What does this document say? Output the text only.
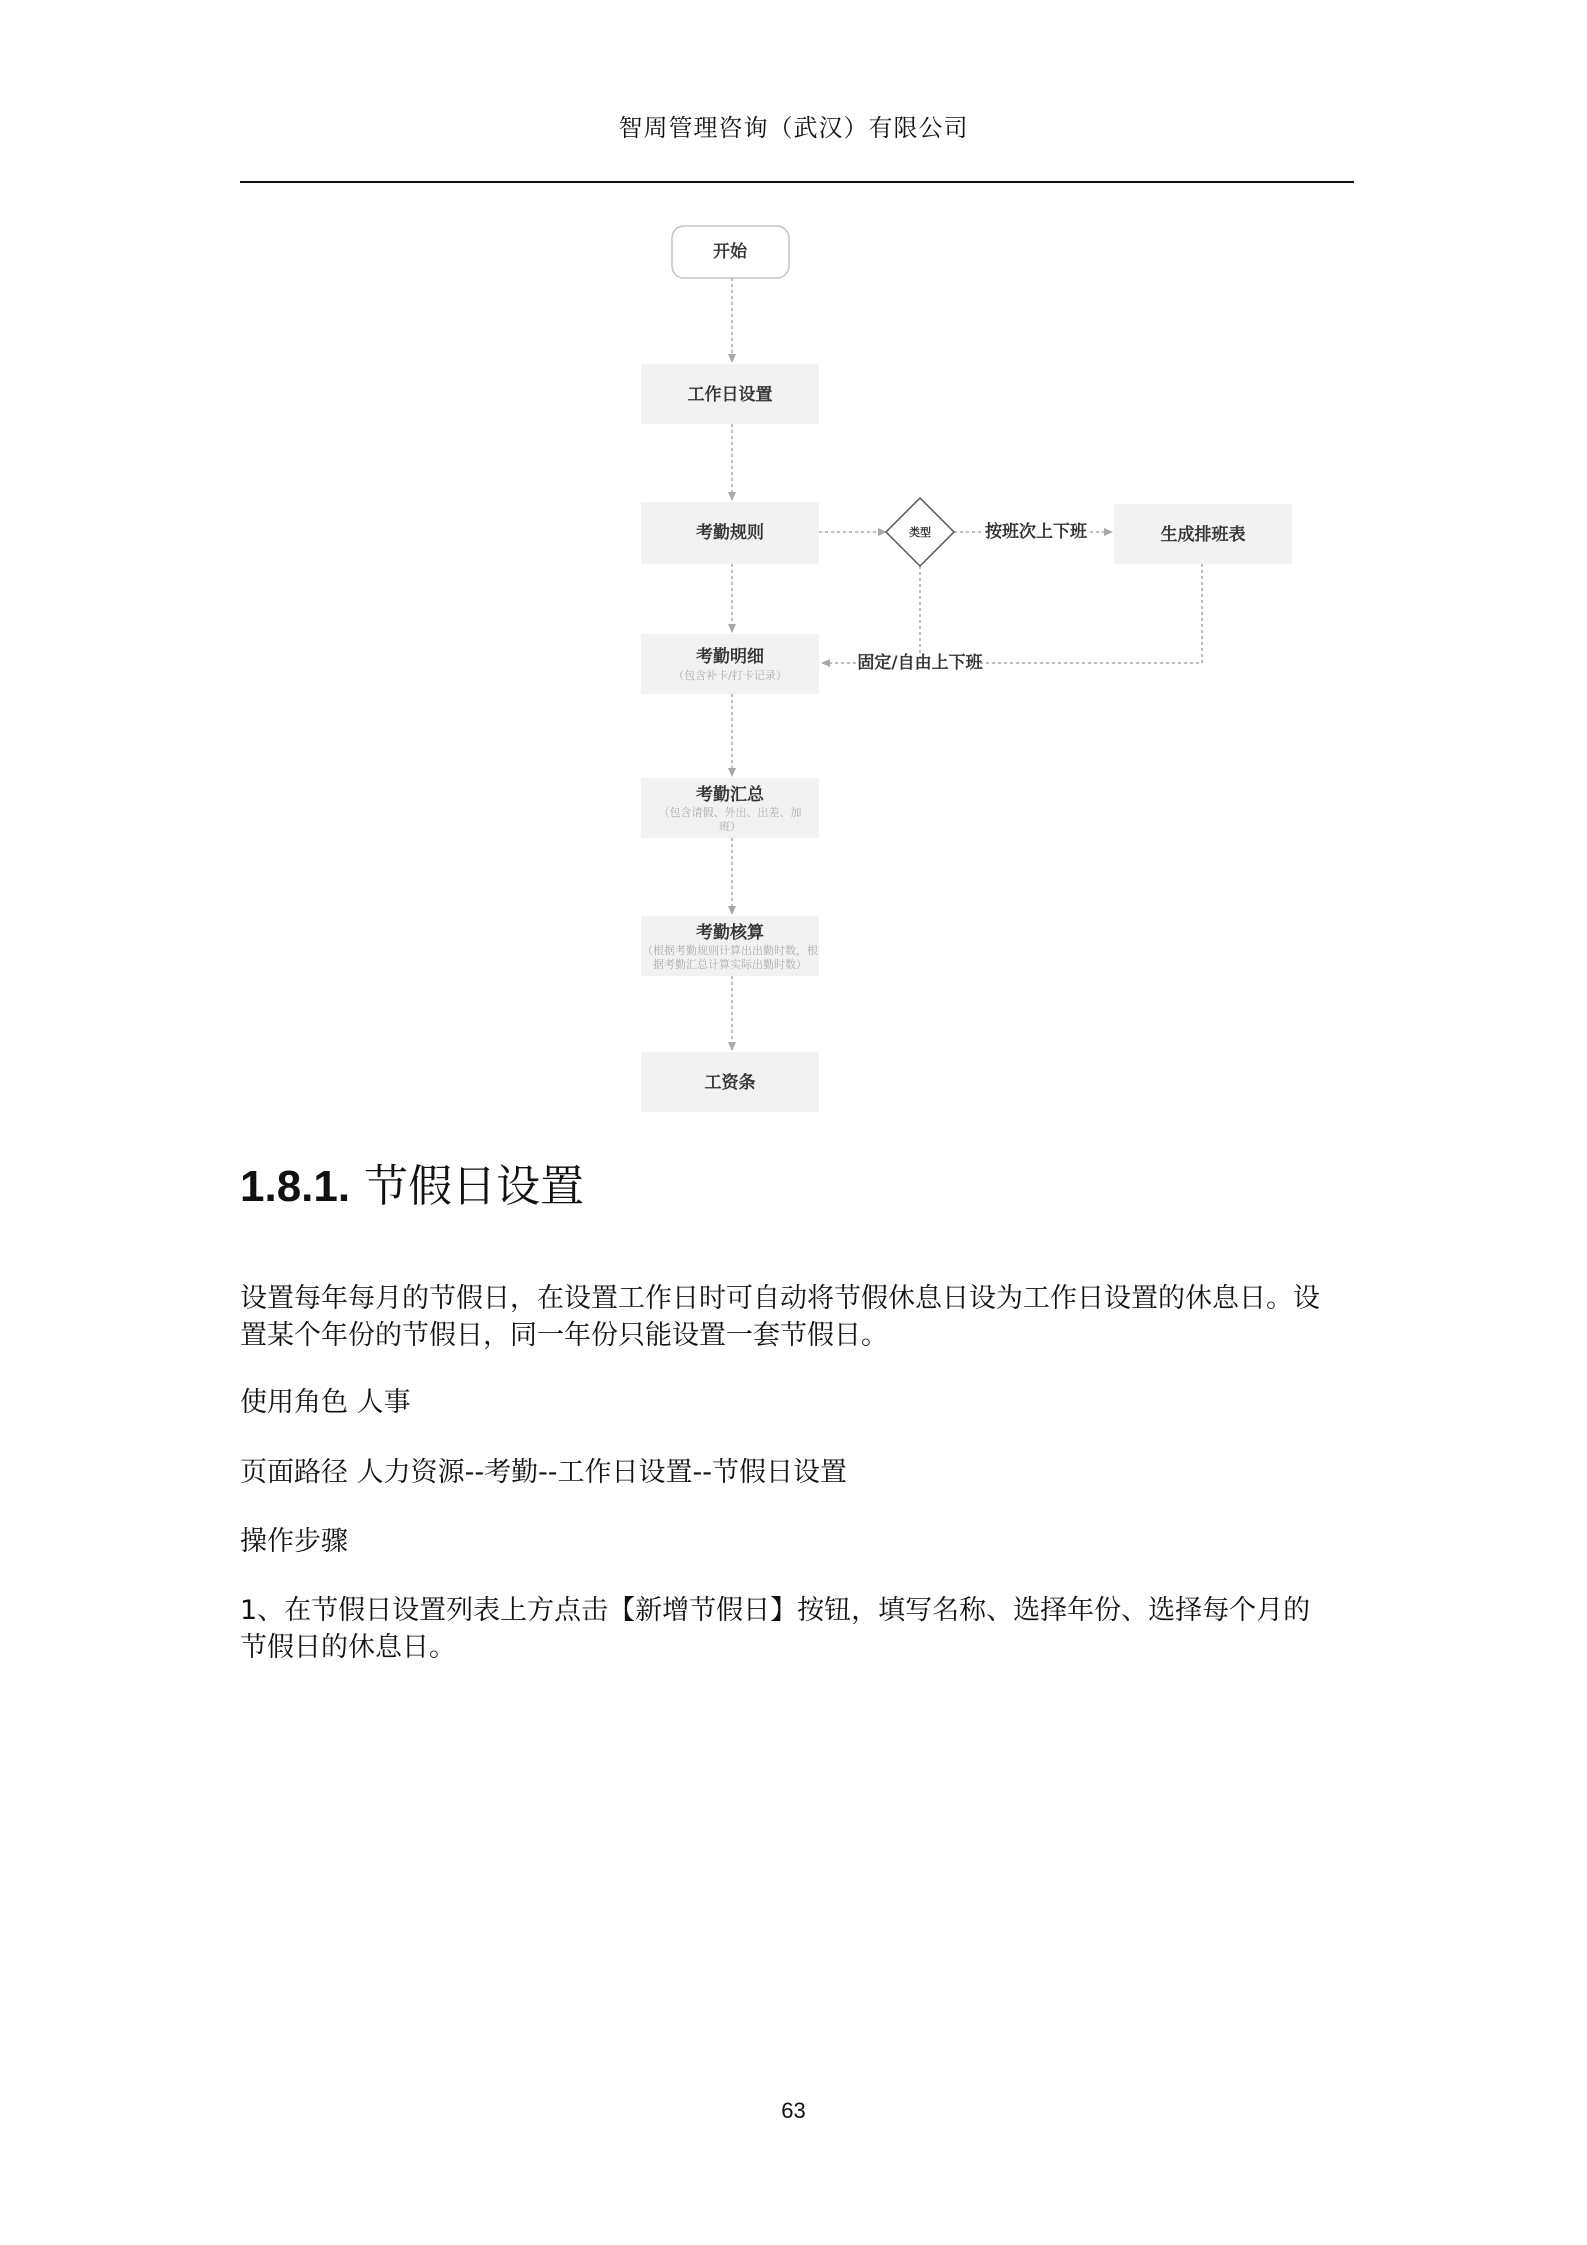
智周管理咨询（武汉）有限公司
开始
工作日设置
考勤规则	类型	按班次上下班	生成排班表
固定/自由上下班
考勤明细
（包含补卡/打卡记录）
考勤汇总
（包含请假、外出、出差、加
班）
考勤核算
（根据考勤规则计算出出勤时数，根
据考勤汇总计算实际出勤时数）
工资条
1.8.1. 节假日设置

设置每年每月的节假日，在设置工作日时可自动将节假休息日设为工作日设置的休息日。设

置某个年份的节假日，同一年份只能设置一套节假日。

使用角色 人事

页面路径 人力资源--考勤--工作日设置--节假日设置

操作步骤

1、在节假日设置列表上方点击【新增节假日】按钮，填写名称、选择年份、选择每个月的

节假日的休息日。

63
